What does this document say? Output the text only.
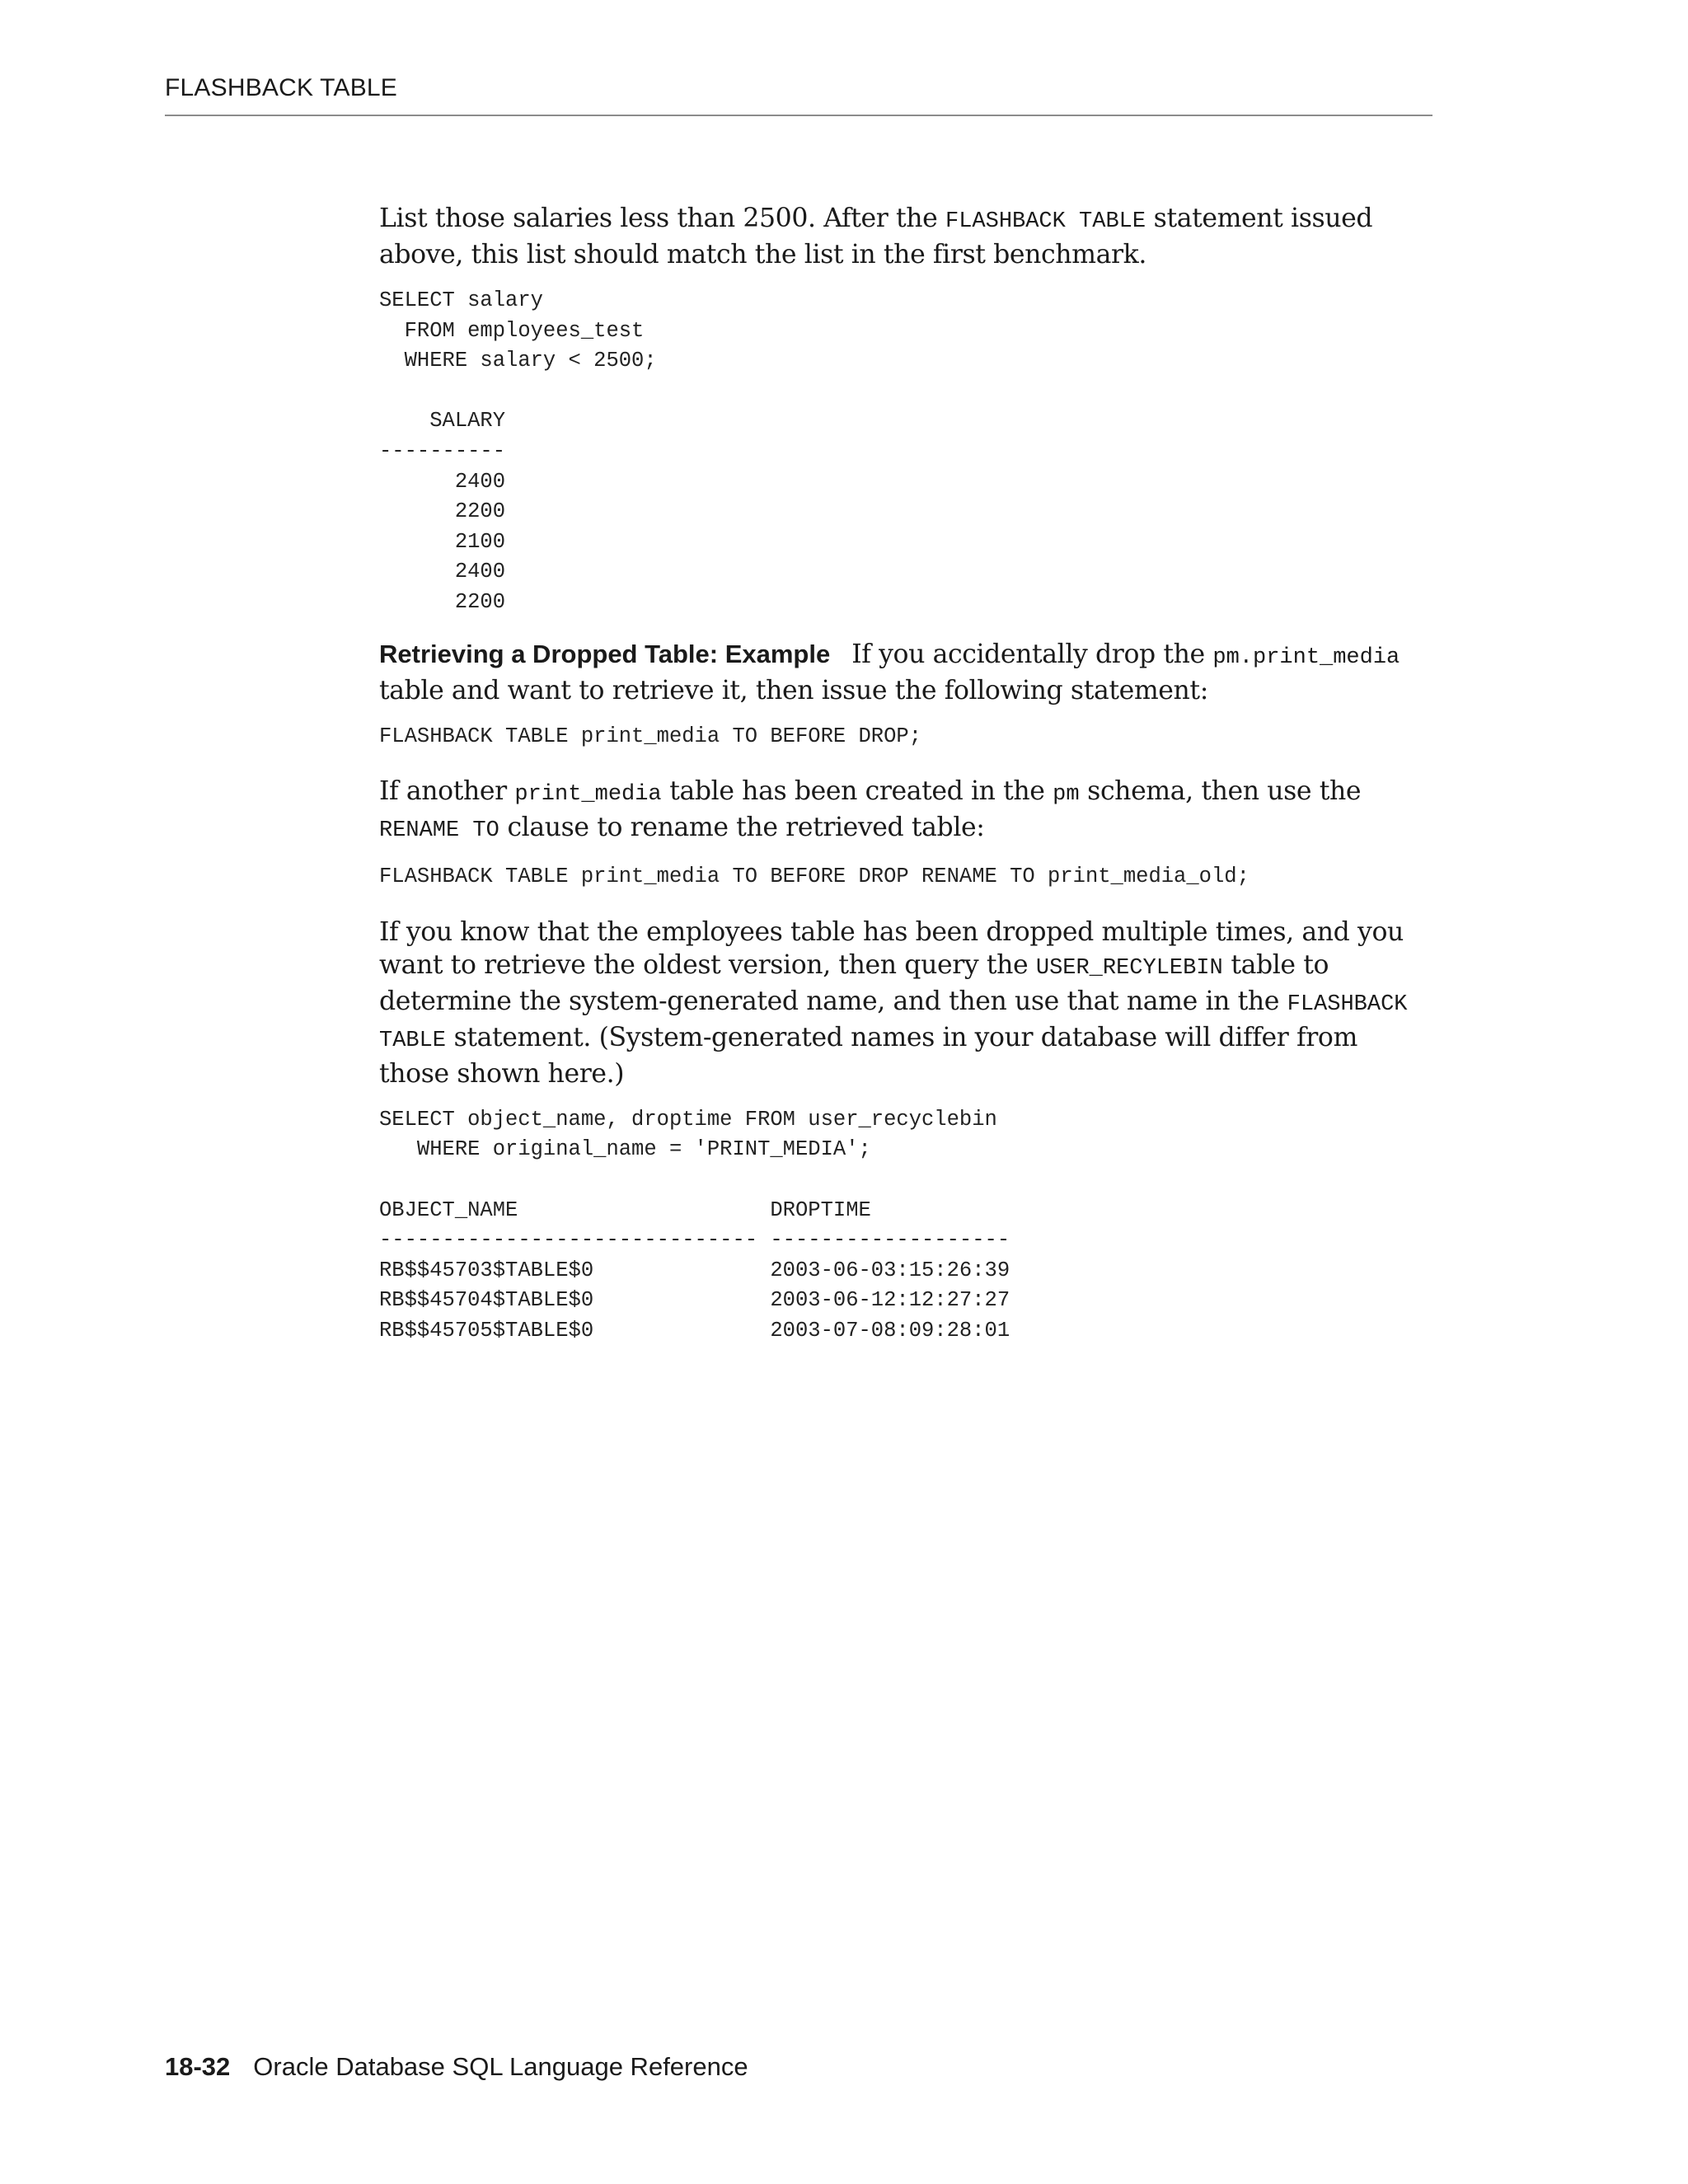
FLASHBACK TABLE

List those salaries less than 2500. After the FLASHBACK TABLE statement issued above, this list should match the list in the first benchmark.

SELECT salary
FROM employees_test
WHERE salary < 2500;

SALARY
----------
2400
2200
2100
2400
2200

Retrieving a Dropped Table: Example If you accidentally drop the pm.print_media table and want to retrieve it, then issue the following statement:

FLASHBACK TABLE print_media TO BEFORE DROP;

If another print_media table has been created in the pm schema, then use the RENAME TO clause to rename the retrieved table:

FLASHBACK TABLE print_media TO BEFORE DROP RENAME TO print_media_old;

If you know that the employees table has been dropped multiple times, and you want to retrieve the oldest version, then query the USER_RECYLEBIN table to determine the system-generated name, and then use that name in the FLASHBACK TABLE statement. (System-generated names in your database will differ from those shown here.)

SELECT object_name, droptime FROM user_recyclebin
WHERE original_name = 'PRINT_MEDIA';

OBJECT_NAME                    DROPTIME
------------------------------ -------------------
RB$$45703$TABLE$0              2003-06-03:15:26:39
RB$$45704$TABLE$0              2003-06-12:12:27:27
RB$$45705$TABLE$0              2003-07-08:09:28:01
18-32 Oracle Database SQL Language Reference
